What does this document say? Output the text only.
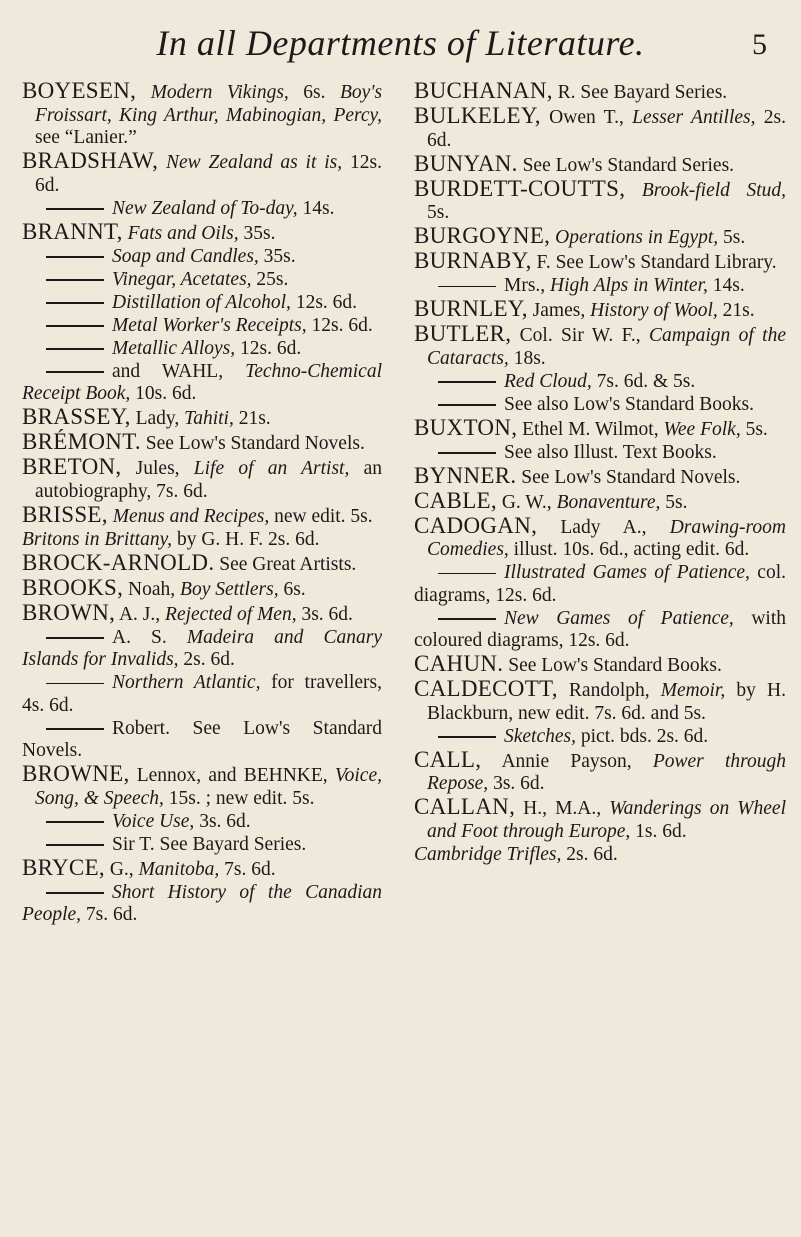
In all Departments of Literature.	5

BOYESEN, Modern Vikings, 6s. Boy's Froissart, King Arthur, Mabinogian, Percy, see “Lanier.”

BRADSHAW, New Zealand as it is, 12s. 6d.

New Zealand of To-day, 14s.

BRANNT, Fats and Oils, 35s.

Soap and Candles, 35s.

Vinegar, Acetates, 25s.

Distillation of Alcohol, 12s. 6d.

Metal Worker's Receipts, 12s. 6d.

Metallic Alloys, 12s. 6d.

and WAHL, Techno-Chemical Receipt Book, 10s. 6d.

BRASSEY, Lady, Tahiti, 21s.

BRÉMONT. See Low's Standard Novels.

BRETON, Jules, Life of an Artist, an autobiography, 7s. 6d.

BRISSE, Menus and Recipes, new edit. 5s.

Britons in Brittany, by G. H. F. 2s. 6d.

BROCK-ARNOLD. See Great Artists.

BROOKS, Noah, Boy Settlers, 6s.

BROWN, A. J., Rejected of Men, 3s. 6d.

A. S. Madeira and Canary Islands for Invalids, 2s. 6d.

Northern Atlantic, for travellers, 4s. 6d.

Robert. See Low's Standard Novels.

BROWNE, Lennox, and BEHNKE, Voice, Song, & Speech, 15s. ; new edit. 5s.

Voice Use, 3s. 6d.

Sir T. See Bayard Series.

BRYCE, G., Manitoba, 7s. 6d.

Short History of the Canadian People, 7s. 6d.

BUCHANAN, R. See Bayard Series.

BULKELEY, Owen T., Lesser Antilles, 2s. 6d.

BUNYAN. See Low's Standard Series.

BURDETT-COUTTS, Brook-field Stud, 5s.

BURGOYNE, Operations in Egypt, 5s.

BURNABY, F. See Low's Standard Library.

Mrs., High Alps in Winter, 14s.

BURNLEY, James, History of Wool, 21s.

BUTLER, Col. Sir W. F., Campaign of the Cataracts, 18s.

Red Cloud, 7s. 6d. & 5s.

See also Low's Standard Books.

BUXTON, Ethel M. Wilmot, Wee Folk, 5s.

See also Illust. Text Books.

BYNNER. See Low's Standard Novels.

CABLE, G. W., Bonaventure, 5s.

CADOGAN, Lady A., Drawing-room Comedies, illust. 10s. 6d., acting edit. 6d.

Illustrated Games of Patience, col. diagrams, 12s. 6d.

New Games of Patience, with coloured diagrams, 12s. 6d.

CAHUN. See Low's Standard Books.

CALDECOTT, Randolph, Memoir, by H. Blackburn, new edit. 7s. 6d. and 5s.

Sketches, pict. bds. 2s. 6d.

CALL, Annie Payson, Power through Repose, 3s. 6d.

CALLAN, H., M.A., Wanderings on Wheel and Foot through Europe, 1s. 6d.

Cambridge Trifles, 2s. 6d.
